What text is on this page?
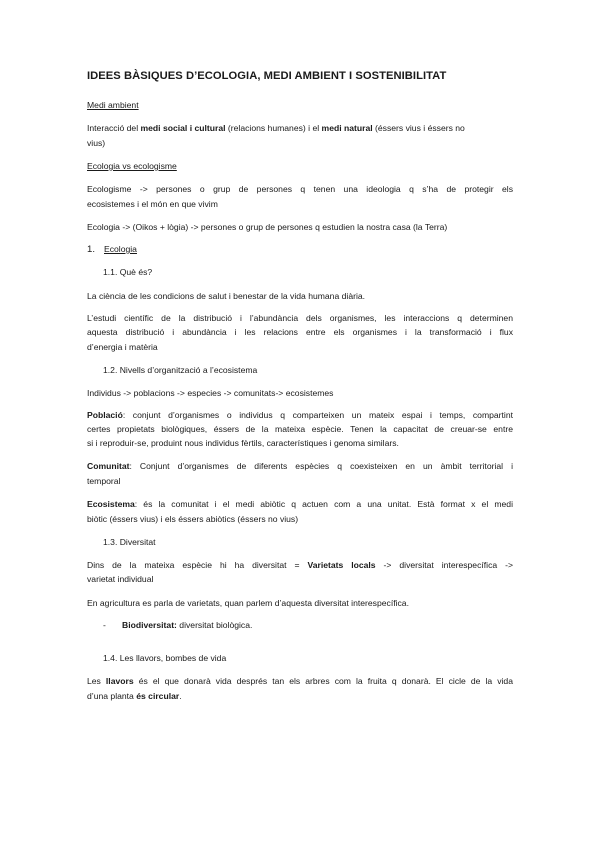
IDEES BÀSIQUES D’ECOLOGIA, MEDI AMBIENT I SOSTENIBILITAT
Medi ambient
Interacció del medi social i cultural (relacions humanes) i el medi natural (éssers vius i éssers no
vius)
Ecologia vs ecologisme
Ecologisme -> persones o grup de persones q tenen una ideologia q s’ha de protegir els
ecosistemes i el món en que vivim
Ecologia -> (Oikos + lògia) -> persones o grup de persones q estudien la nostra casa (la Terra)
1. Ecologia
1.1. Què és?
La ciència de les condicions de salut i benestar de la vida humana diària.
L’estudi científic de la distribució i l’abundància dels organismes, les interaccions q determinen
aquesta distribució i abundància i les relacions entre els organismes i la transformació i flux
d’energia i matèria
1.2. Nivells d’organització a l’ecosistema
Individus -> poblacions -> especies -> comunitats-> ecosistemes
Població: conjunt d’organismes o individus q comparteixen un mateix espai i temps, compartint
certes propietats biològiques, éssers de la mateixa espècie. Tenen la capacitat de creuar-se entre
si i reproduir-se, produint nous individus fèrtils, característiques i genoma similars.
Comunitat: Conjunt d’organismes de diferents espècies q coexisteixen en un àmbit territorial i
temporal
Ecosistema: és la comunitat i el medi abiòtic q actuen com a una unitat. Està format x el medi
biòtic (éssers vius) i els éssers abiòtics (éssers no vius)
1.3. Diversitat
Dins de la mateixa espècie hi ha diversitat = Varietats locals -> diversitat interespecífica ->
varietat individual
En agricultura es parla de varietats, quan parlem d’aquesta diversitat interespecífica.
- Biodiversitat: diversitat biològica.
1.4. Les llavors, bombes de vida
Les llavors és el que donarà vida després tan els arbres com la fruita q donarà. El cicle de la vida
d’una planta és circular.
